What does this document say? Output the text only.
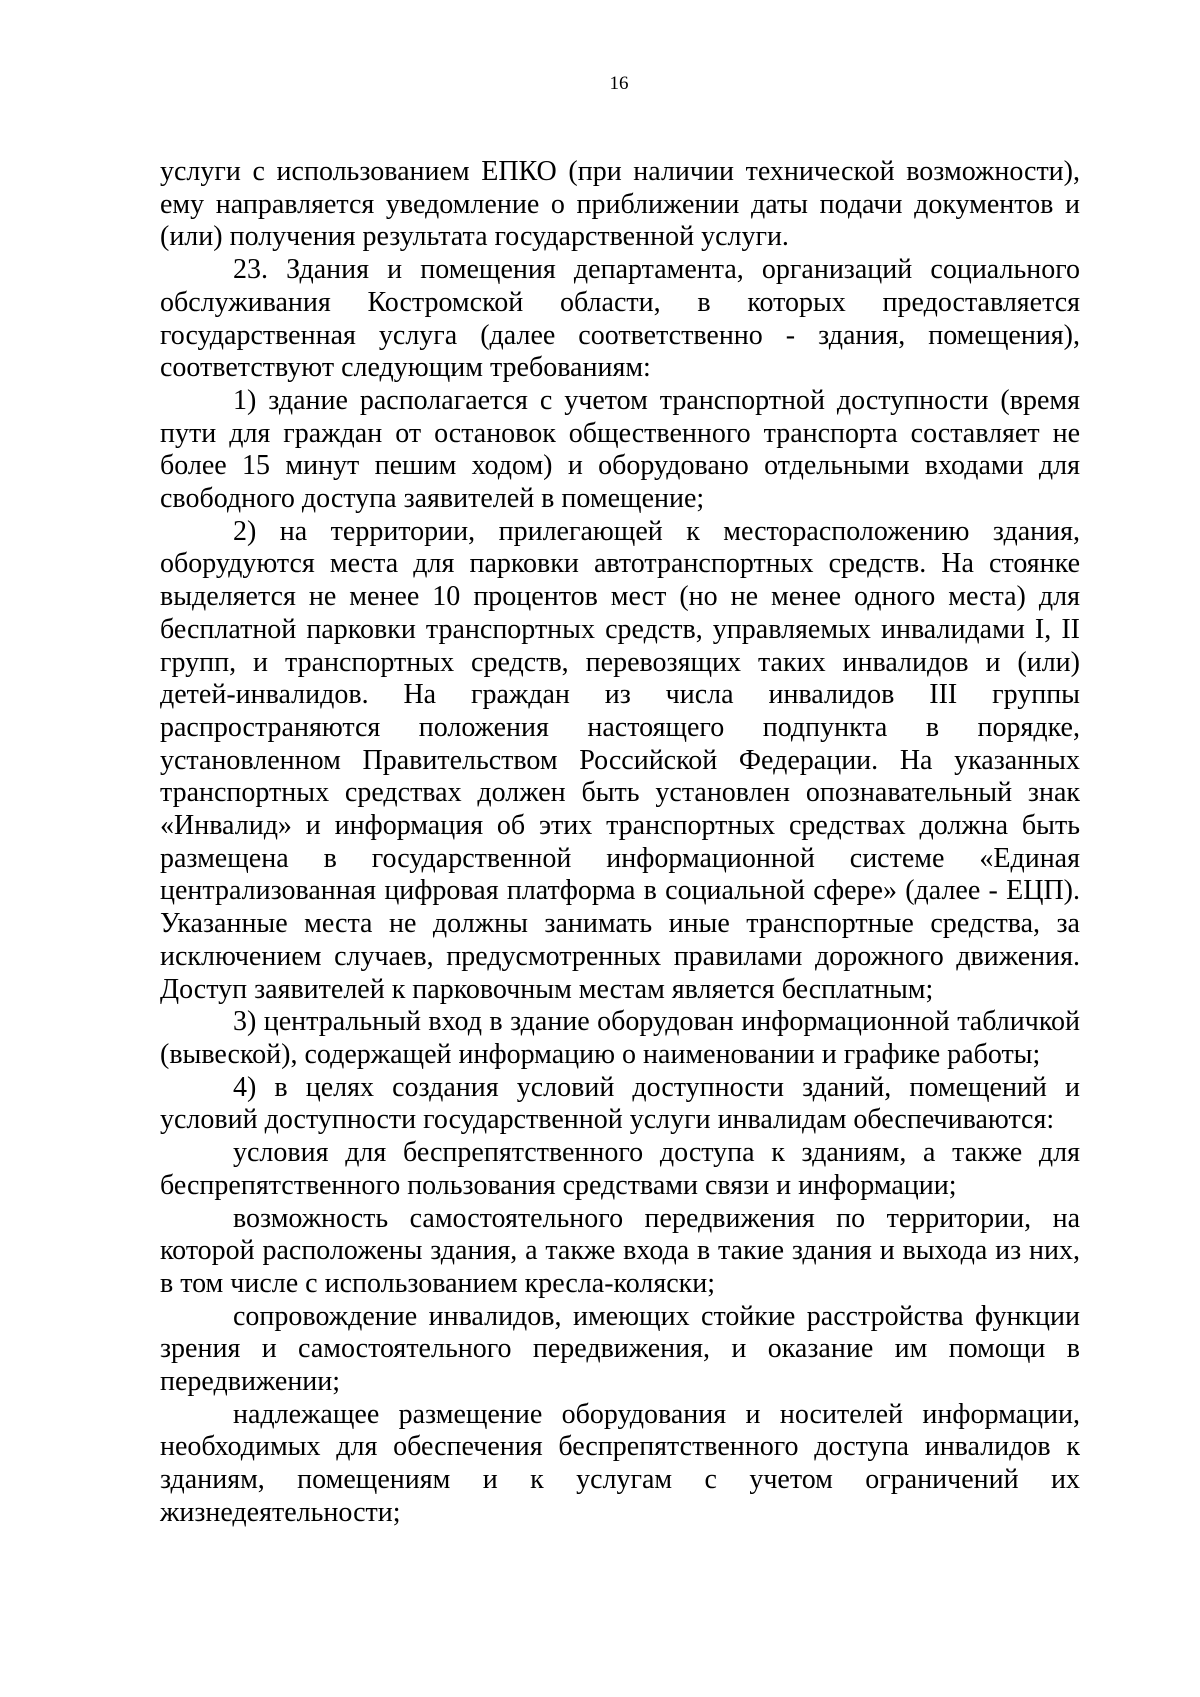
16

услуги с использованием ЕПКО (при наличии технической возможности), ему направляется уведомление о приближении даты подачи документов и (или) получения результата государственной услуги.

23. Здания и помещения департамента, организаций социального обслуживания Костромской области, в которых предоставляется государственная услуга (далее соответственно - здания, помещения), соответствуют следующим требованиям:

1) здание располагается с учетом транспортной доступности (время пути для граждан от остановок общественного транспорта составляет не более 15 минут пешим ходом) и оборудовано отдельными входами для свободного доступа заявителей в помещение;

2) на территории, прилегающей к месторасположению здания, оборудуются места для парковки автотранспортных средств. На стоянке выделяется не менее 10 процентов мест (но не менее одного места) для бесплатной парковки транспортных средств, управляемых инвалидами I, II групп, и транспортных средств, перевозящих таких инвалидов и (или) детей-инвалидов. На граждан из числа инвалидов III группы распространяются положения настоящего подпункта в порядке, установленном Правительством Российской Федерации. На указанных транспортных средствах должен быть установлен опознавательный знак «Инвалид» и информация об этих транспортных средствах должна быть размещена в государственной информационной системе «Единая централизованная цифровая платформа в социальной сфере» (далее - ЕЦП). Указанные места не должны занимать иные транспортные средства, за исключением случаев, предусмотренных правилами дорожного движения. Доступ заявителей к парковочным местам является бесплатным;

3) центральный вход в здание оборудован информационной табличкой (вывеской), содержащей информацию о наименовании и графике работы;

4) в целях создания условий доступности зданий, помещений и условий доступности государственной услуги инвалидам обеспечиваются:

условия для беспрепятственного доступа к зданиям, а также для беспрепятственного пользования средствами связи и информации;

возможность самостоятельного передвижения по территории, на которой расположены здания, а также входа в такие здания и выхода из них, в том числе с использованием кресла-коляски;

сопровождение инвалидов, имеющих стойкие расстройства функции зрения и самостоятельного передвижения, и оказание им помощи в передвижении;

надлежащее размещение оборудования и носителей информации, необходимых для обеспечения беспрепятственного доступа инвалидов к зданиям, помещениям и к услугам с учетом ограничений их жизнедеятельности;
